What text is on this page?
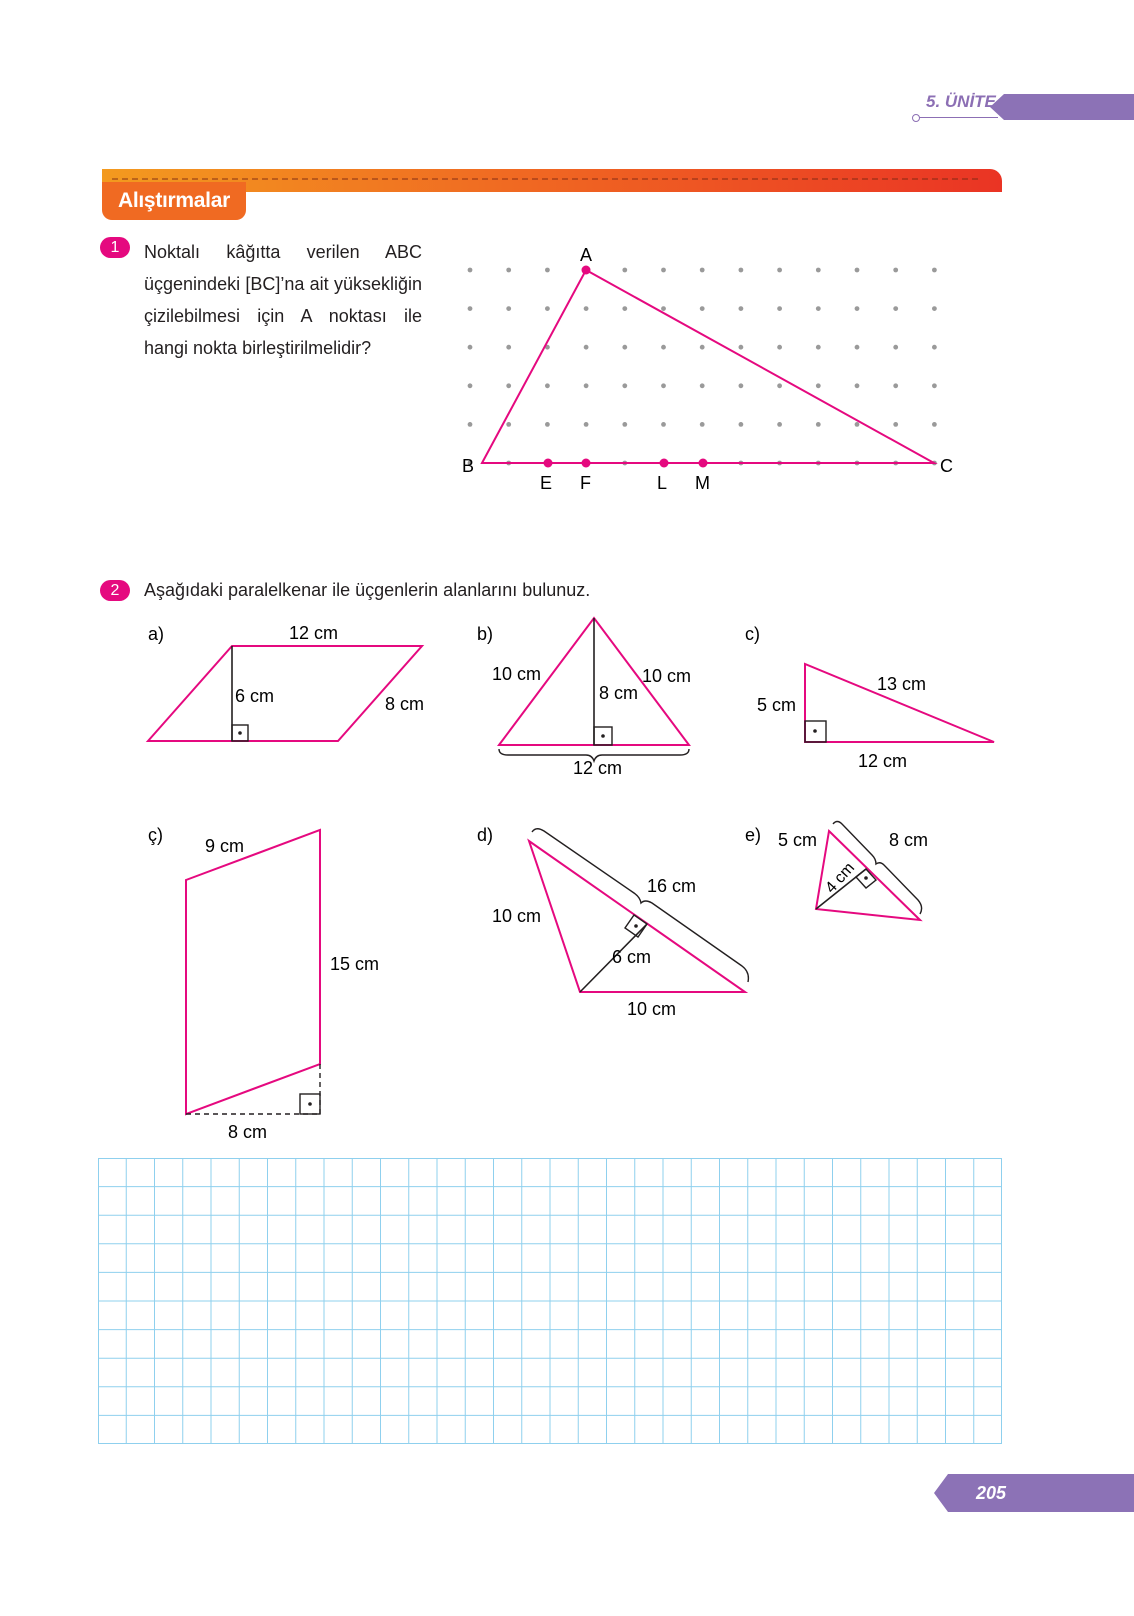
5. ÜNİTE
Alıştırmalar
1	Noktalı kâğıtta verilen ABC üçgenindeki [BC]’na ait yüksekliğin çizilebilmesi için A noktası ile hangi nokta birleştirilmelidir?
A
B	C
E F	L M
2	Aşağıdaki paralelkenar ile üçgenlerin alanlarını bulunuz.
a)	12 cm
6 cm	8 cm
b)
10 cm	10 cm
8 cm
12 cm
c)
5 cm
13 cm
12 cm
ç)
9 cm
15 cm
8 cm
d)
16 cm
10 cm
6 cm
10 cm
e) 5 cm
4 cm
8 cm
205
